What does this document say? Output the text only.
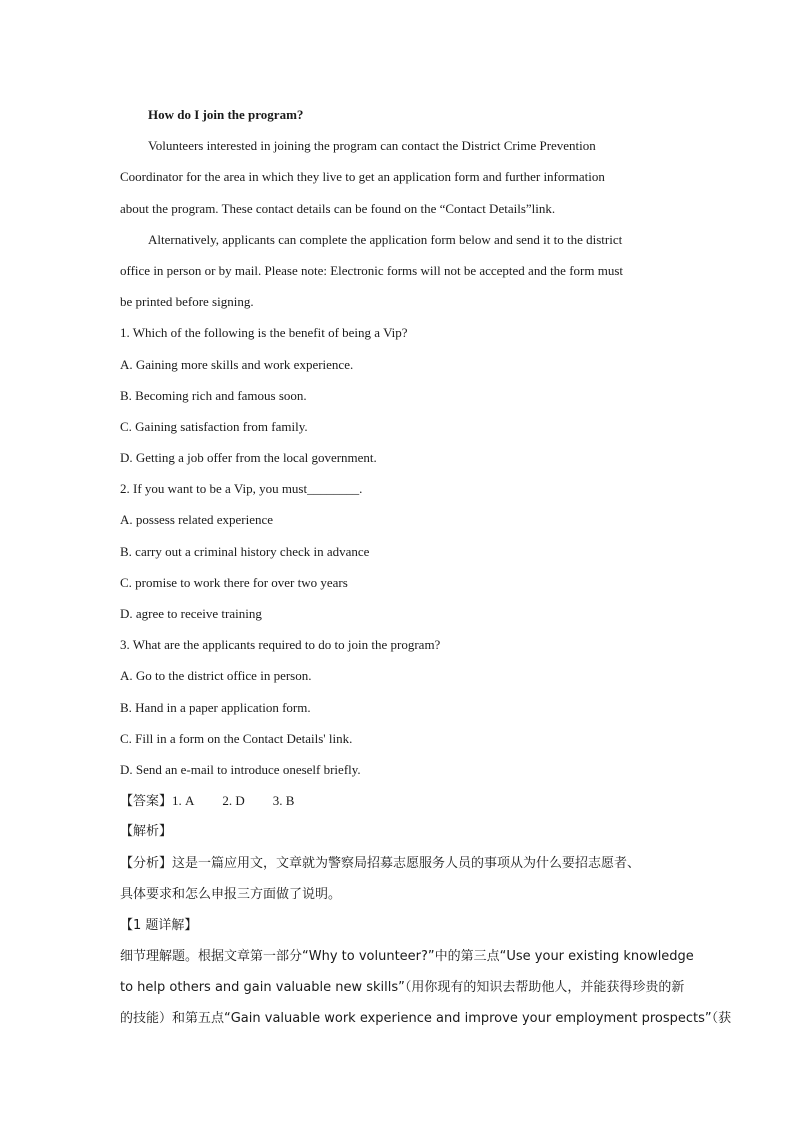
How do I join the program?
Volunteers interested in joining the program can contact the District Crime Prevention
Coordinator for the area in which they live to get an application form and further information
about the program. These contact details can be found on the “Contact Details”link.
Alternatively, applicants can complete the application form below and send it to the district
office in person or by mail. Please note: Electronic forms will not be accepted and the form must
be printed before signing.
1. Which of the following is the benefit of being a Vip?
A. Gaining more skills and work experience.
B. Becoming rich and famous soon.
C. Gaining satisfaction from family.
D. Getting a job offer from the local government.
2. If you want to be a Vip, you must________.
A. possess related experience
B. carry out a criminal history check in advance
C. promise to work there for over two years
D. agree to receive training
3. What are the applicants required to do to join the program?
A. Go to the district office in person.
B. Hand in a paper application form.
C. Fill in a form on the Contact Details' link.
D. Send an e-mail to introduce oneself briefly.
【答案】1. A 2. D 3. B
【解析】
【分析】这是一篇应用文，文章就为警察局招募志愿服务人员的事项从为什么要招志愿者、
具体要求和怎么申报三方面做了说明。
【1 题详解】
细节理解题。根据文章第一部分“Why to volunteer?”中的第三点“Use your existing knowledge
to help others and gain valuable new skills”（用你现有的知识去帮助他人，并能获得珍贵的新
的技能）和第五点“Gain valuable work experience and improve your employment prospects”（获
